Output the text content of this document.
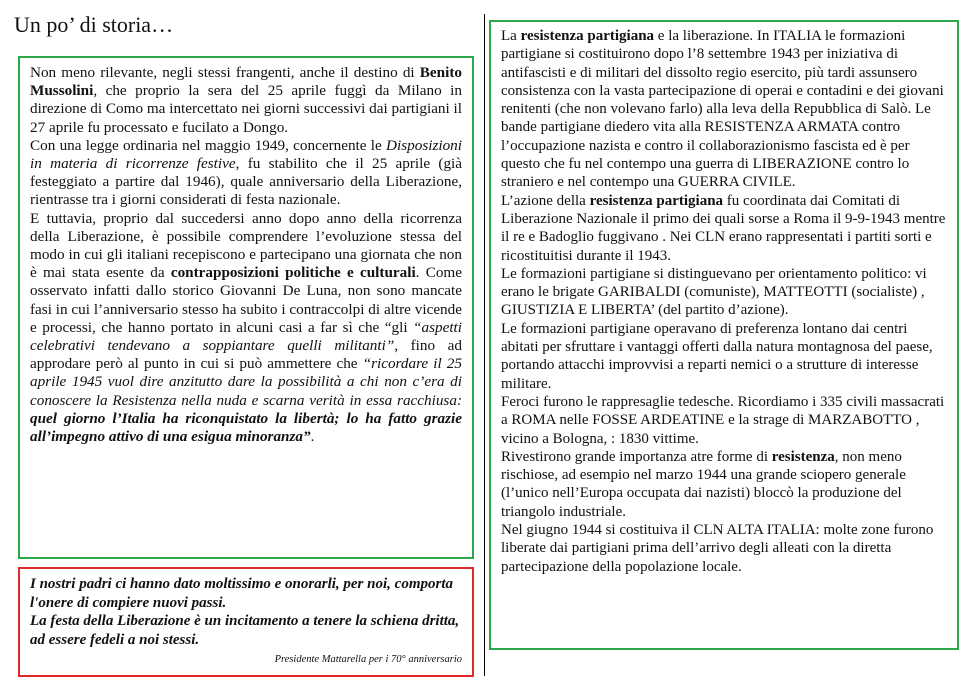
Un po’ di storia…

Non meno rilevante, negli stessi frangenti, anche il destino di Benito Mussolini, che proprio la sera del 25 aprile fuggì da Milano in direzione di Como ma intercettato nei giorni successivi dai partigiani il 27 aprile fu processato e fucilato a Dongo.

Con una legge ordinaria nel maggio 1949, concernente le Disposizioni in materia di ricorrenze festive, fu stabilito che il 25 aprile (già festeggiato a partire dal 1946), quale anniversario della Liberazione, rientrasse tra i giorni considerati di festa nazionale.

E tuttavia, proprio dal succedersi anno dopo anno della ricorrenza della Liberazione, è possibile comprendere l’evoluzione stessa del modo in cui gli italiani recepiscono e partecipano una giornata che non è mai stata esente da contrapposizioni politiche e culturali. Come osservato infatti dallo storico Giovanni De Luna, non sono mancate fasi in cui l’anniversario stesso ha subito i contraccolpi di altre vicende e processi, che hanno portato in alcuni casi a far sì che “gli “aspetti celebrativi tendevano a soppiantare quelli militanti”, fino ad approdare però al punto in cui si può ammettere che “ricordare il 25 aprile 1945 vuol dire anzitutto dare la possibilità a chi non c’era di conoscere la Resistenza nella nuda e scarna verità in essa racchiusa: quel giorno l’Italia ha riconquistato la libertà; lo ha fatto grazie all’impegno attivo di una esigua minoranza”.

I nostri padri ci hanno dato moltissimo e onorarli, per noi, comporta l'onere di compiere nuovi passi.

La festa della Liberazione è un incitamento a tenere la schiena dritta, ad essere fedeli a noi stessi.

Presidente Mattarella per i 70° anniversario

La resistenza partigiana e la liberazione. In ITALIA le formazioni partigiane si costituirono dopo l’8 settembre 1943 per iniziativa di antifascisti e di militari del dissolto regio esercito, più tardi assunsero consistenza con la vasta partecipazione di operai e contadini e dei giovani renitenti (che non volevano farlo) alla leva della Repubblica di Salò. Le bande partigiane diedero vita alla RESISTENZA ARMATA contro l’occupazione nazista e contro il collaborazionismo fascista ed è per questo che fu nel contempo una guerra di LIBERAZIONE contro lo straniero e nel contempo una GUERRA CIVILE.

L’azione della resistenza partigiana fu coordinata dai Comitati di Liberazione Nazionale il primo dei quali sorse a Roma il 9-9-1943 mentre il re e Badoglio fuggivano . Nei CLN erano rappresentati i partiti sorti e ricostituitisi durante il 1943.

Le formazioni partigiane si distinguevano per orientamento politico: vi erano le brigate GARIBALDI (comuniste), MATTEOTTI (socialiste) , GIUSTIZIA E LIBERTA’ (del partito d’azione).

Le formazioni partigiane operavano di preferenza lontano dai centri abitati per sfruttare i vantaggi offerti dalla natura montagnosa del paese, portando attacchi improvvisi a reparti nemici o a strutture di interesse militare.

Feroci furono le rappresaglie tedesche. Ricordiamo i 335 civili massacrati a ROMA nelle FOSSE ARDEATINE e la strage di MARZABOTTO , vicino a Bologna, : 1830 vittime.

Rivestirono grande importanza atre forme di resistenza, non meno rischiose, ad esempio nel marzo 1944 una grande sciopero generale (l’unico nell’Europa occupata dai nazisti) bloccò la produzione del triangolo industriale.

Nel giugno 1944 si costituiva il CLN ALTA ITALIA: molte zone furono liberate dai partigiani prima dell’arrivo degli alleati con la diretta partecipazione della popolazione locale.
